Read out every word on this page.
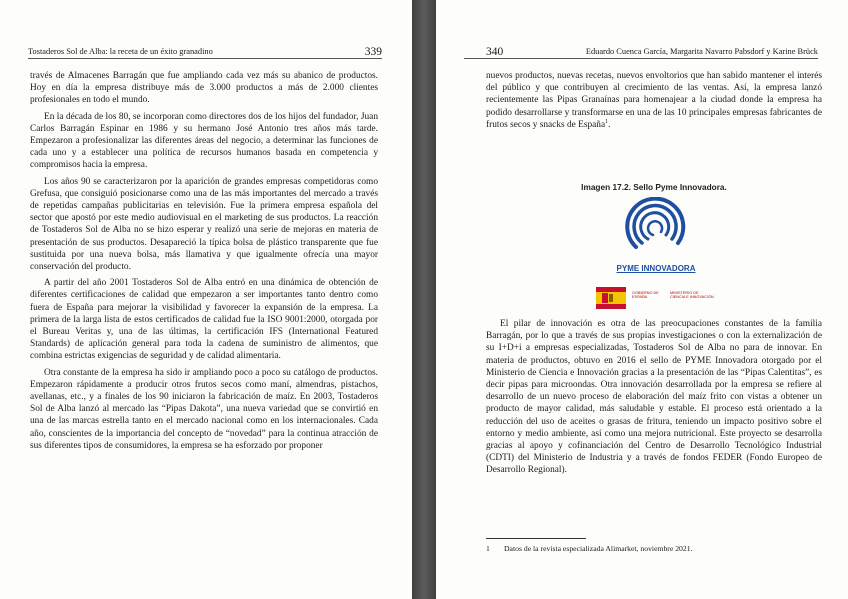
Tostaderos Sol de Alba: la receta de un éxito granadino	339

través de Almacenes Barragán que fue ampliando cada vez más su abanico de productos. Hoy en día la empresa distribuye más de 3.000 productos a más de 2.000 clientes profesionales en todo el mundo.

En la década de los 80, se incorporan como directores dos de los hijos del fundador, Juan Carlos Barragán Espinar en 1986 y su hermano José Antonio tres años más tarde. Empezaron a profesionalizar las diferentes áreas del negocio, a determinar las funciones de cada uno y a establecer una política de recursos humanos basada en competencia y compromisos hacia la empresa.

Los años 90 se caracterizaron por la aparición de grandes empresas competidoras como Grefusa, que consiguió posicionarse como una de las más importantes del mercado a través de repetidas campañas publicitarias en televisión. Fue la primera empresa española del sector que apostó por este medio audiovisual en el marketing de sus productos. La reacción de Tostaderos Sol de Alba no se hizo esperar y realizó una serie de mejoras en materia de presentación de sus productos. Desapareció la típica bolsa de plástico transparente que fue sustituida por una nueva bolsa, más llamativa y que igualmente ofrecía una mayor conservación del producto.

A partir del año 2001 Tostaderos Sol de Alba entró en una dinámica de obtención de diferentes certificaciones de calidad que empezaron a ser importantes tanto dentro como fuera de España para mejorar la visibilidad y favorecer la expansión de la empresa. La primera de la larga lista de estos certificados de calidad fue la ISO 9001:2000, otorgada por el Bureau Veritas y, una de las últimas, la certificación IFS (International Featured Standards) de aplicación general para toda la cadena de suministro de alimentos, que combina estrictas exigencias de seguridad y de calidad alimentaria.

Otra constante de la empresa ha sido ir ampliando poco a poco su catálogo de productos. Empezaron rápidamente a producir otros frutos secos como maní, almendras, pistachos, avellanas, etc., y a finales de los 90 iniciaron la fabricación de maíz. En 2003, Tostaderos Sol de Alba lanzó al mercado las “Pipas Dakota”, una nueva variedad que se convirtió en una de las marcas estrella tanto en el mercado nacional como en los internacionales. Cada año, conscientes de la importancia del concepto de “novedad” para la continua atracción de sus diferentes tipos de consumidores, la empresa se ha esforzado por proponer

340	Eduardo Cuenca García, Margarita Navarro Pabsdorf y Karine Brück

nuevos productos, nuevas recetas, nuevos envoltorios que han sabido mantener el interés del público y que contribuyen al crecimiento de las ventas. Así, la empresa lanzó recientemente las Pipas Granaínas para homenajear a la ciudad donde la empresa ha podido desarrollarse y transformarse en una de las 10 principales empresas fabricantes de frutos secos y snacks de España$^1$.

Imagen 17.2. Sello Pyme Innovadora.
PYME INNOVADORA
GOBIERNO DE ESPAÑA
MINISTERIO DE CIENCIA E INNOVACIÓN

El pilar de innovación es otra de las preocupaciones constantes de la familia Barragán, por lo que a través de sus propias investigaciones o con la externalización de su I+D+i a empresas especializadas, Tostaderos Sol de Alba no para de innovar. En materia de productos, obtuvo en 2016 el sello de PYME Innovadora otorgado por el Ministerio de Ciencia e Innovación gracias a la presentación de las “Pipas Calentitas”, es decir pipas para microondas. Otra innovación desarrollada por la empresa se refiere al desarrollo de un nuevo proceso de elaboración del maíz frito con vistas a obtener un producto de mayor calidad, más saludable y estable. El proceso está orientado a la reducción del uso de aceites o grasas de fritura, teniendo un impacto positivo sobre el entorno y medio ambiente, así como una mejora nutricional. Este proyecto se desarrolla gracias al apoyo y cofinanciación del Centro de Desarrollo Tecnológico Industrial (CDTI) del Ministerio de Industria y a través de fondos FEDER (Fondo Europeo de Desarrollo Regional).

1 Datos de la revista especializada Alimarket, noviembre 2021.
